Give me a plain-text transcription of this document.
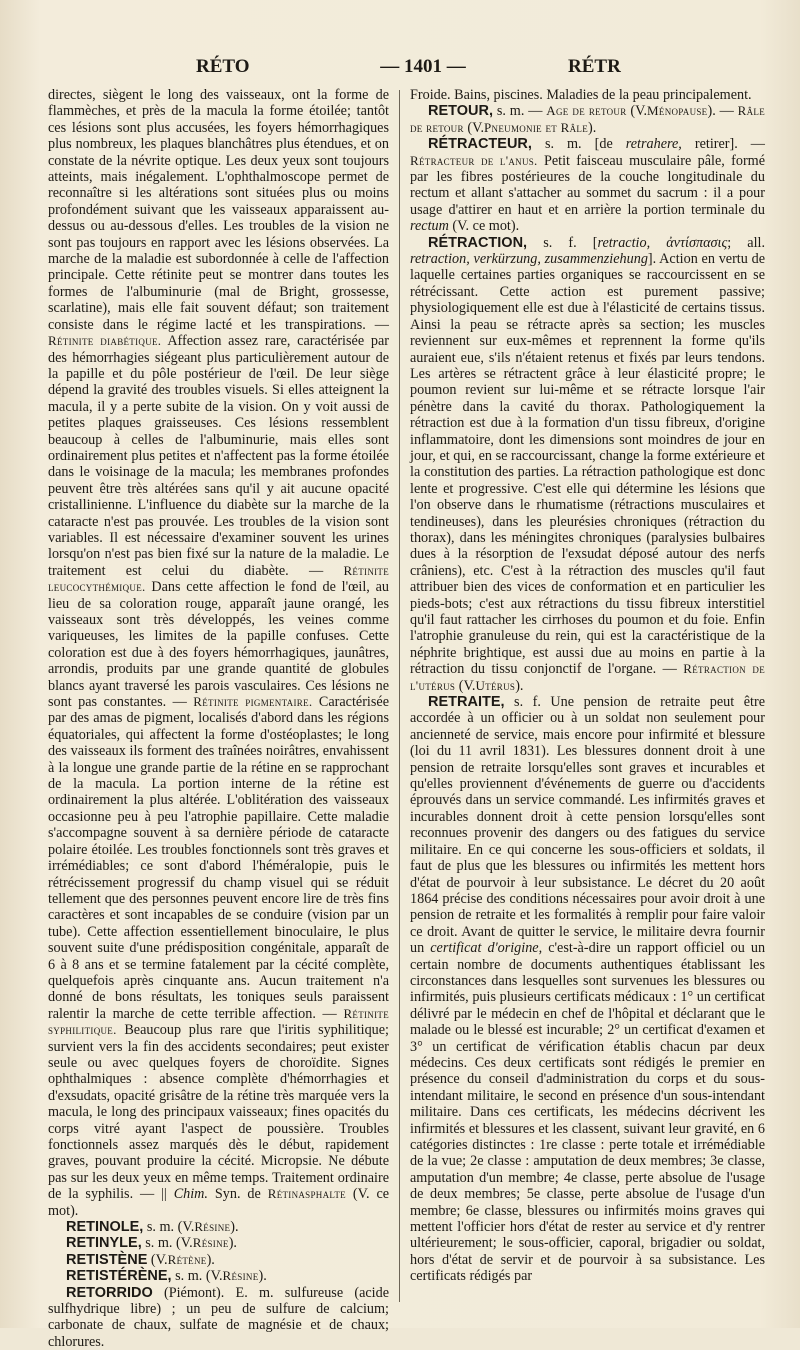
RÉTO	— 1401 —	RÉTR

directes, siègent le long des vaisseaux, ont la forme de flammèches, et près de la macula la forme étoilée; tantôt ces lésions sont plus accusées, les foyers hémorrhagiques plus nombreux, les plaques blanchâtres plus étendues, et on constate de la névrite optique. Les deux yeux sont toujours atteints, mais inégalement. L'ophthalmoscope permet de reconnaître si les altérations sont situées plus ou moins profondément suivant que les vaisseaux apparaissent au-dessus ou au-dessous d'elles. Les troubles de la vision ne sont pas toujours en rapport avec les lésions observées. La marche de la maladie est subordonnée à celle de l'affection principale. Cette rétinite peut se montrer dans toutes les formes de l'albuminurie (mal de Bright, grossesse, scarlatine), mais elle fait souvent défaut; son traitement consiste dans le régime lacté et les transpirations. — Rétinite diabétique. Affection assez rare, caractérisée par des hémorrhagies siégeant plus particulièrement autour de la papille et du pôle postérieur de l'œil. De leur siège dépend la gravité des troubles visuels. Si elles atteignent la macula, il y a perte subite de la vision. On y voit aussi de petites plaques graisseuses. Ces lésions ressemblent beaucoup à celles de l'albuminurie, mais elles sont ordinairement plus petites et n'affectent pas la forme étoilée dans le voisinage de la macula; les membranes profondes peuvent être très altérées sans qu'il y ait aucune opacité cristallinienne. L'influence du diabète sur la marche de la cataracte n'est pas prouvée. Les troubles de la vision sont variables. Il est nécessaire d'examiner souvent les urines lorsqu'on n'est pas bien fixé sur la nature de la maladie. Le traitement est celui du diabète. — Rétinite leucocythémique. Dans cette affection le fond de l'œil, au lieu de sa coloration rouge, apparaît jaune orangé, les vaisseaux sont très développés, les veines comme variqueuses, les limites de la papille confuses. Cette coloration est due à des foyers hémorrhagiques, jaunâtres, arrondis, produits par une grande quantité de globules blancs ayant traversé les parois vasculaires. Ces lésions ne sont pas constantes. — Rétinite pigmentaire. Caractérisée par des amas de pigment, localisés d'abord dans les régions équatoriales, qui affectent la forme d'ostéoplastes; le long des vaisseaux ils forment des traînées noirâtres, envahissent à la longue une grande partie de la rétine en se rapprochant de la macula. La portion interne de la rétine est ordinairement la plus altérée. L'oblitération des vaisseaux occasionne peu à peu l'atrophie papillaire. Cette maladie s'accompagne souvent à sa dernière période de cataracte polaire étoilée. Les troubles fonctionnels sont très graves et irrémédiables; ce sont d'abord l'héméralopie, puis le rétrécissement progressif du champ visuel qui se réduit tellement que des personnes peuvent encore lire de très fins caractères et sont incapables de se conduire (vision par un tube). Cette affection essentiellement binoculaire, le plus souvent suite d'une prédisposition congénitale, apparaît de 6 à 8 ans et se termine fatalement par la cécité complète, quelquefois après cinquante ans. Aucun traitement n'a donné de bons résultats, les toniques seuls paraissent ralentir la marche de cette terrible affection. — Rétinite syphilitique. Beaucoup plus rare que l'iritis syphilitique; survient vers la fin des accidents secondaires; peut exister seule ou avec quelques foyers de choroïdite. Signes ophthalmiques : absence complète d'hémorrhagies et d'exsudats, opacité grisâtre de la rétine très marquée vers la macula, le long des principaux vaisseaux; fines opacités du corps vitré ayant l'aspect de poussière. Troubles fonctionnels assez marqués dès le début, rapidement graves, pouvant produire la cécité. Micropsie. Ne débute pas sur les deux yeux en même temps. Traitement ordinaire de la syphilis. — || Chim. Syn. de Rétinasphalte (V. ce mot).

RETINOLE, s. m. (V.Résine).

RETINYLE, s. m. (V.Résine).

RETISTÈNE (V.Rétène).

RETISTÉRÈNE, s. m. (V.Résine).

RETORRIDO (Piémont). E. m. sulfureuse (acide sulfhydrique libre) ; un peu de sulfure de calcium; carbonate de chaux, sulfate de magnésie et de chaux; chlorures.

Froide. Bains, piscines. Maladies de la peau principalement.

RETOUR, s. m. — Age de retour (V.Ménopause). — Râle de retour (V.Pneumonie et Râle).

RÉTRACTEUR, s. m. [de retrahere, retirer]. — Rétracteur de l'anus. Petit faisceau musculaire pâle, formé par les fibres postérieures de la couche longitudinale du rectum et allant s'attacher au sommet du sacrum : il a pour usage d'attirer en haut et en arrière la portion terminale du rectum (V. ce mot).

RÉTRACTION, s. f. [retractio, ἀντίσπασις; all. retraction, verkürzung, zusammenziehung]. Action en vertu de laquelle certaines parties organiques se raccourcissent en se rétrécissant. Cette action est purement passive; physiologiquement elle est due à l'élasticité de certains tissus. Ainsi la peau se rétracte après sa section; les muscles reviennent sur eux-mêmes et reprennent la forme qu'ils auraient eue, s'ils n'étaient retenus et fixés par leurs tendons. Les artères se rétractent grâce à leur élasticité propre; le poumon revient sur lui-même et se rétracte lorsque l'air pénètre dans la cavité du thorax. Pathologiquement la rétraction est due à la formation d'un tissu fibreux, d'origine inflammatoire, dont les dimensions sont moindres de jour en jour, et qui, en se raccourcissant, change la forme extérieure et la constitution des parties. La rétraction pathologique est donc lente et progressive. C'est elle qui détermine les lésions que l'on observe dans le rhumatisme (rétractions musculaires et tendineuses), dans les pleurésies chroniques (rétraction du thorax), dans les méningites chroniques (paralysies bulbaires dues à la résorption de l'exsudat déposé autour des nerfs crâniens), etc. C'est à la rétraction des muscles qu'il faut attribuer bien des vices de conformation et en particulier les pieds-bots; c'est aux rétractions du tissu fibreux interstitiel qu'il faut rattacher les cirrhoses du poumon et du foie. Enfin l'atrophie granuleuse du rein, qui est la caractéristique de la néphrite brightique, est aussi due au moins en partie à la rétraction du tissu conjonctif de l'organe. — Rétraction de l'utérus (V.Utérus).

RETRAITE, s. f. Une pension de retraite peut être accordée à un officier ou à un soldat non seulement pour ancienneté de service, mais encore pour infirmité et blessure (loi du 11 avril 1831). Les blessures donnent droit à une pension de retraite lorsqu'elles sont graves et incurables et qu'elles proviennent d'événements de guerre ou d'accidents éprouvés dans un service commandé. Les infirmités graves et incurables donnent droit à cette pension lorsqu'elles sont reconnues provenir des dangers ou des fatigues du service militaire. En ce qui concerne les sous-officiers et soldats, il faut de plus que les blessures ou infirmités les mettent hors d'état de pourvoir à leur subsistance. Le décret du 20 août 1864 précise des conditions nécessaires pour avoir droit à une pension de retraite et les formalités à remplir pour faire valoir ce droit. Avant de quitter le service, le militaire devra fournir un certificat d'origine, c'est-à-dire un rapport officiel ou un certain nombre de documents authentiques établissant les circonstances dans lesquelles sont survenues les blessures ou infirmités, puis plusieurs certificats médicaux : 1° un certificat délivré par le médecin en chef de l'hôpital et déclarant que le malade ou le blessé est incurable; 2° un certificat d'examen et 3° un certificat de vérification établis chacun par deux médecins. Ces deux certificats sont rédigés le premier en présence du conseil d'administration du corps et du sous-intendant militaire, le second en présence d'un sous-intendant militaire. Dans ces certificats, les médecins décrivent les infirmités et blessures et les classent, suivant leur gravité, en 6 catégories distinctes : 1re classe : perte totale et irrémédiable de la vue; 2e classe : amputation de deux membres; 3e classe, amputation d'un membre; 4e classe, perte absolue de l'usage de deux membres; 5e classe, perte absolue de l'usage d'un membre; 6e classe, blessures ou infirmités moins graves qui mettent l'officier hors d'état de rester au service et d'y rentrer ultérieurement; le sous-officier, caporal, brigadier ou soldat, hors d'état de servir et de pourvoir à sa subsistance. Les certificats rédigés par
